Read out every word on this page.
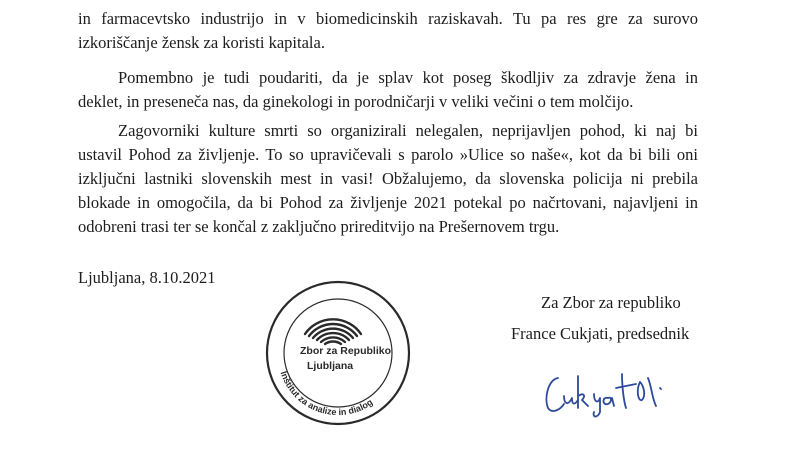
in farmacevtsko industrijo in v biomedicinskih raziskavah. Tu pa res gre za surovo
izkoriščanje žensk za koristi kapitala.

Pomembno je tudi poudariti, da je splav kot poseg škodljiv za zdravje žena in
deklet, in preseneča nas, da ginekologi in porodničarji v veliki večini o tem molčijo.

Zagovorniki kulture smrti so organizirali nelegalen, neprijavljen pohod, ki naj bi
ustavil Pohod za življenje. To so upravičevali s parolo »Ulice so naše«, kot da bi bili oni
izključni lastniki slovenskih mest in vasi! Obžalujemo, da slovenska policija ni prebila
blokade in omogočila, da bi Pohod za življenje 2021 potekal po načrtovani, najavljeni in
odobreni trasi ter se končal z zaključno prireditvijo na Prešernovem trgu.

Ljubljana, 8.10.2021

Za Zbor za republiko

France Cukjati, predsednik

Zbor za Republiko
Ljubljana
Inštitut za analize in dialog
